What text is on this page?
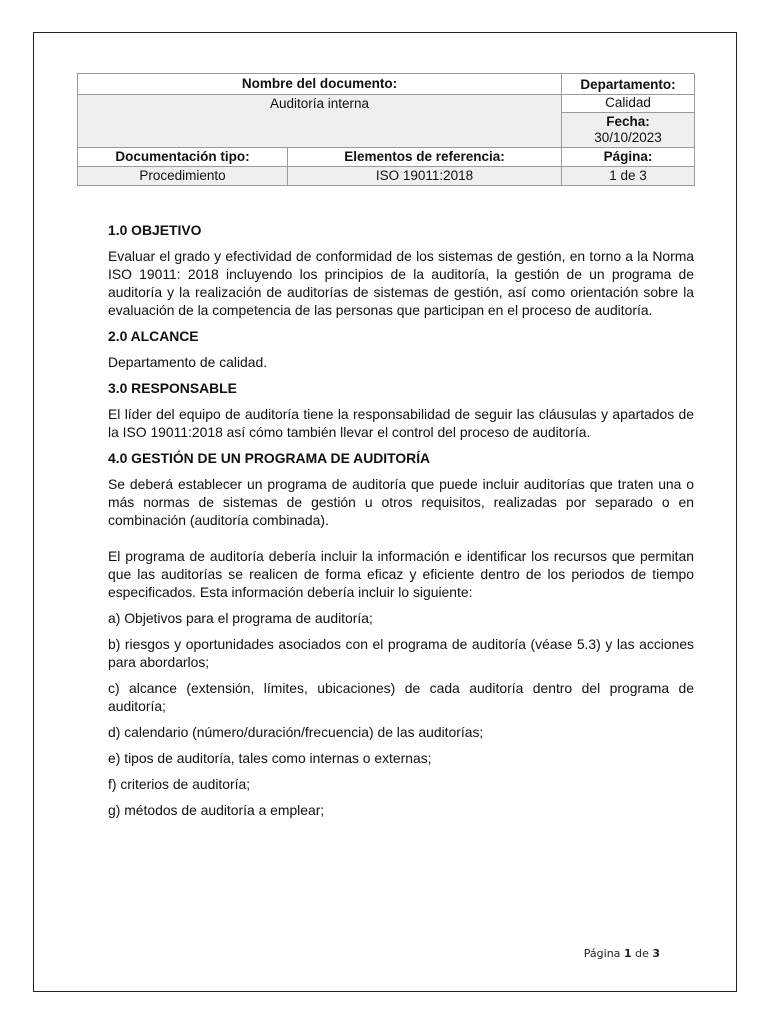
Nombre del documento:		Departamento:
Auditoría interna		Calidad

		Fecha:
30/10/2023

Documentación tipo:	Elementos de referencia:	Página:
Procedimiento	ISO 19011:2018	1 de 3
1.0 OBJETIVO

Evaluar el grado y efectividad de conformidad de los sistemas de gestión, en torno a la Norma ISO 19011: 2018 incluyendo los principios de la auditoría, la gestión de un programa de auditoría y la realización de auditorías de sistemas de gestión, así como orientación sobre la evaluación de la competencia de las personas que participan en el proceso de auditoría.

2.0 ALCANCE

Departamento de calidad.

3.0 RESPONSABLE

El líder del equipo de auditoría tiene la responsabilidad de seguir las cláusulas y apartados de la ISO 19011:2018 así cómo también llevar el control del proceso de auditoría.

4.0 GESTIÓN DE UN PROGRAMA DE AUDITORÍA

Se deberá establecer un programa de auditoría que puede incluir auditorías que traten una o más normas de sistemas de gestión u otros requisitos, realizadas por separado o en combinación (auditoría combinada).

El programa de auditoría debería incluir la información e identificar los recursos que permitan que las auditorías se realicen de forma eficaz y eficiente dentro de los periodos de tiempo especificados. Esta información debería incluir lo siguiente:

a) Objetivos para el programa de auditoría;

b) riesgos y oportunidades asociados con el programa de auditoría (véase 5.3) y las acciones para abordarlos;

c) alcance (extensión, límites, ubicaciones) de cada auditoría dentro del programa de auditoría;

d) calendario (número/duración/frecuencia) de las auditorías;

e) tipos de auditoría, tales como internas o externas;

f) criterios de auditoría;

g) métodos de auditoría a emplear;

Página 1 de 3
